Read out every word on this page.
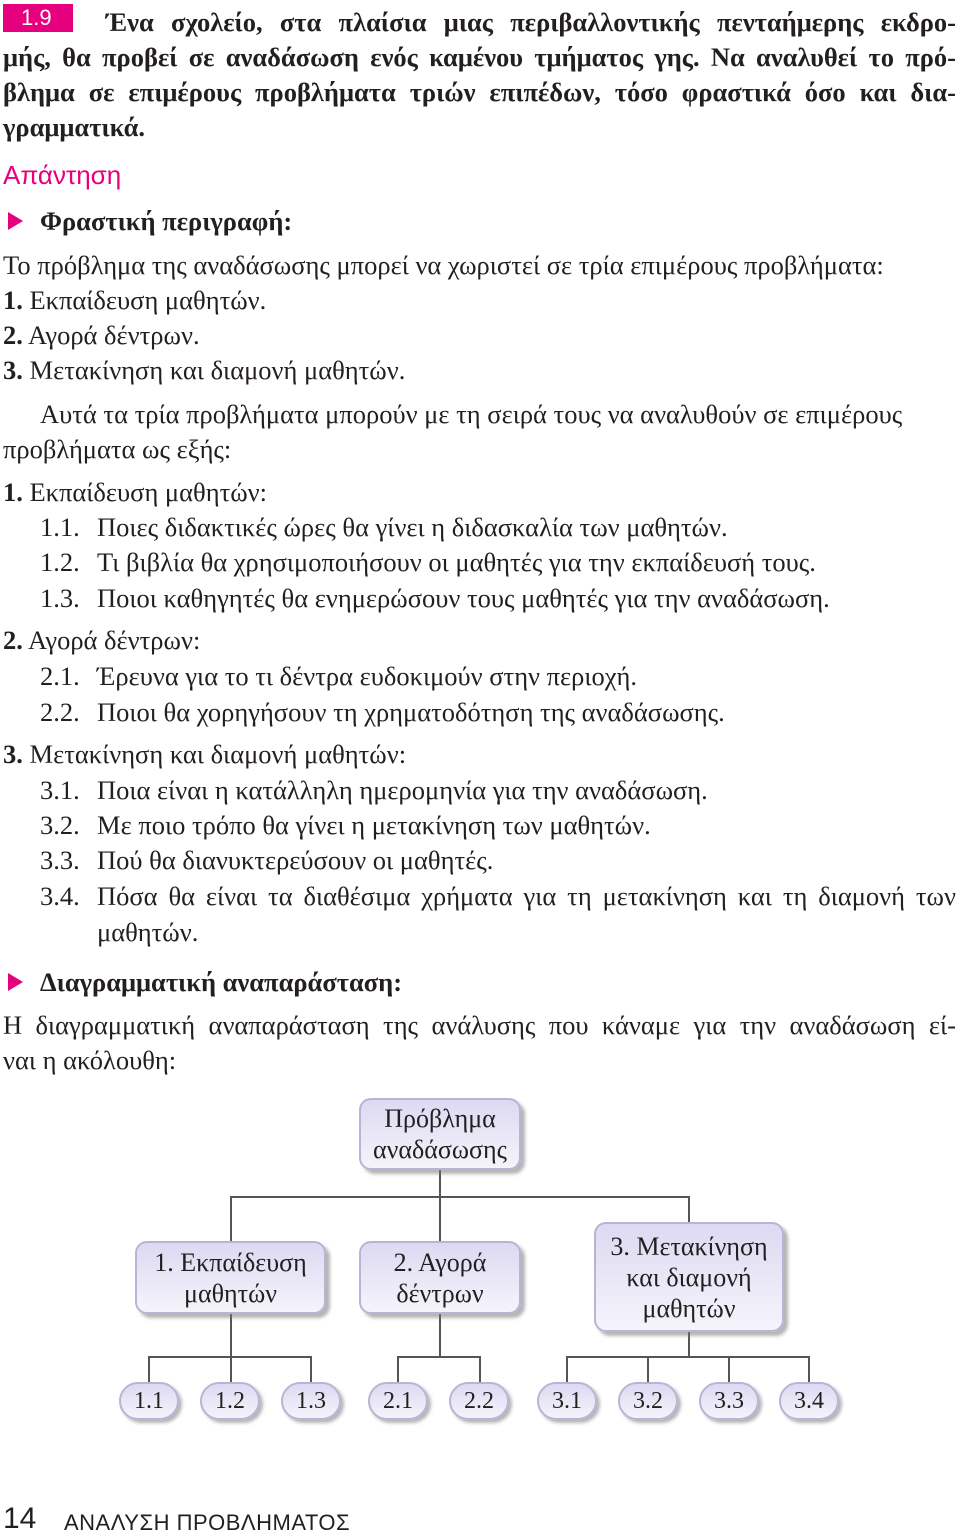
1.9	Ένα σχολείο, στα πλαίσια μιας περιβαλλοντικής πενταήμερης εκδρο-
μής, θα προβεί σε αναδάσωση ενός καμένου τμήματος γης. Να αναλυθεί το πρό-
βλημα σε επιμέρους προβλήματα τριών επιπέδων, τόσο φραστικά όσο και δια-
γραμματικά.
Απάντηση
Φραστική περιγραφή:
Το πρόβλημα της αναδάσωσης μπορεί να χωριστεί σε τρία επιμέρους προβλήματα:
1. Εκπαίδευση μαθητών.
2. Αγορά δέντρων.
3. Μετακίνηση και διαμονή μαθητών.
Αυτά τα τρία προβλήματα μπορούν με τη σειρά τους να αναλυθούν σε επιμέρους
προβλήματα ως εξής:
1. Εκπαίδευση μαθητών:
1.1. Ποιες διδακτικές ώρες θα γίνει η διδασκαλία των μαθητών.
1.2. Τι βιβλία θα χρησιμοποιήσουν οι μαθητές για την εκπαίδευσή τους.
1.3. Ποιοι καθηγητές θα ενημερώσουν τους μαθητές για την αναδάσωση.
2. Αγορά δέντρων:
2.1. Έρευνα για το τι δέντρα ευδοκιμούν στην περιοχή.
2.2. Ποιοι θα χορηγήσουν τη χρηματοδότηση της αναδάσωσης.
3. Μετακίνηση και διαμονή μαθητών:
3.1. Ποια είναι η κατάλληλη ημερομηνία για την αναδάσωση.
3.2. Με ποιο τρόπο θα γίνει η μετακίνηση των μαθητών.
3.3. Πού θα διανυκτερεύσουν οι μαθητές.
3.4. Πόσα θα είναι τα διαθέσιμα χρήματα για τη μετακίνηση και τη διαμονή των
μαθητών.
Διαγραμματική αναπαράσταση:
Η διαγραμματική αναπαράσταση της ανάλυσης που κάναμε για την αναδάσωση εί-
ναι η ακόλουθη:
Πρόβλημα
αναδάσωσης
1. Εκπαίδευση
μαθητών
2. Αγορά
δέντρων
3. Μετακίνηση
και διαμονή
μαθητών
1.1	1.2	1.3	2.1	2.2	3.1	3.2	3.3	3.4
14 ΑΝΑΛΥΣΗ ΠΡΟΒΛΗΜΑΤΟΣ
